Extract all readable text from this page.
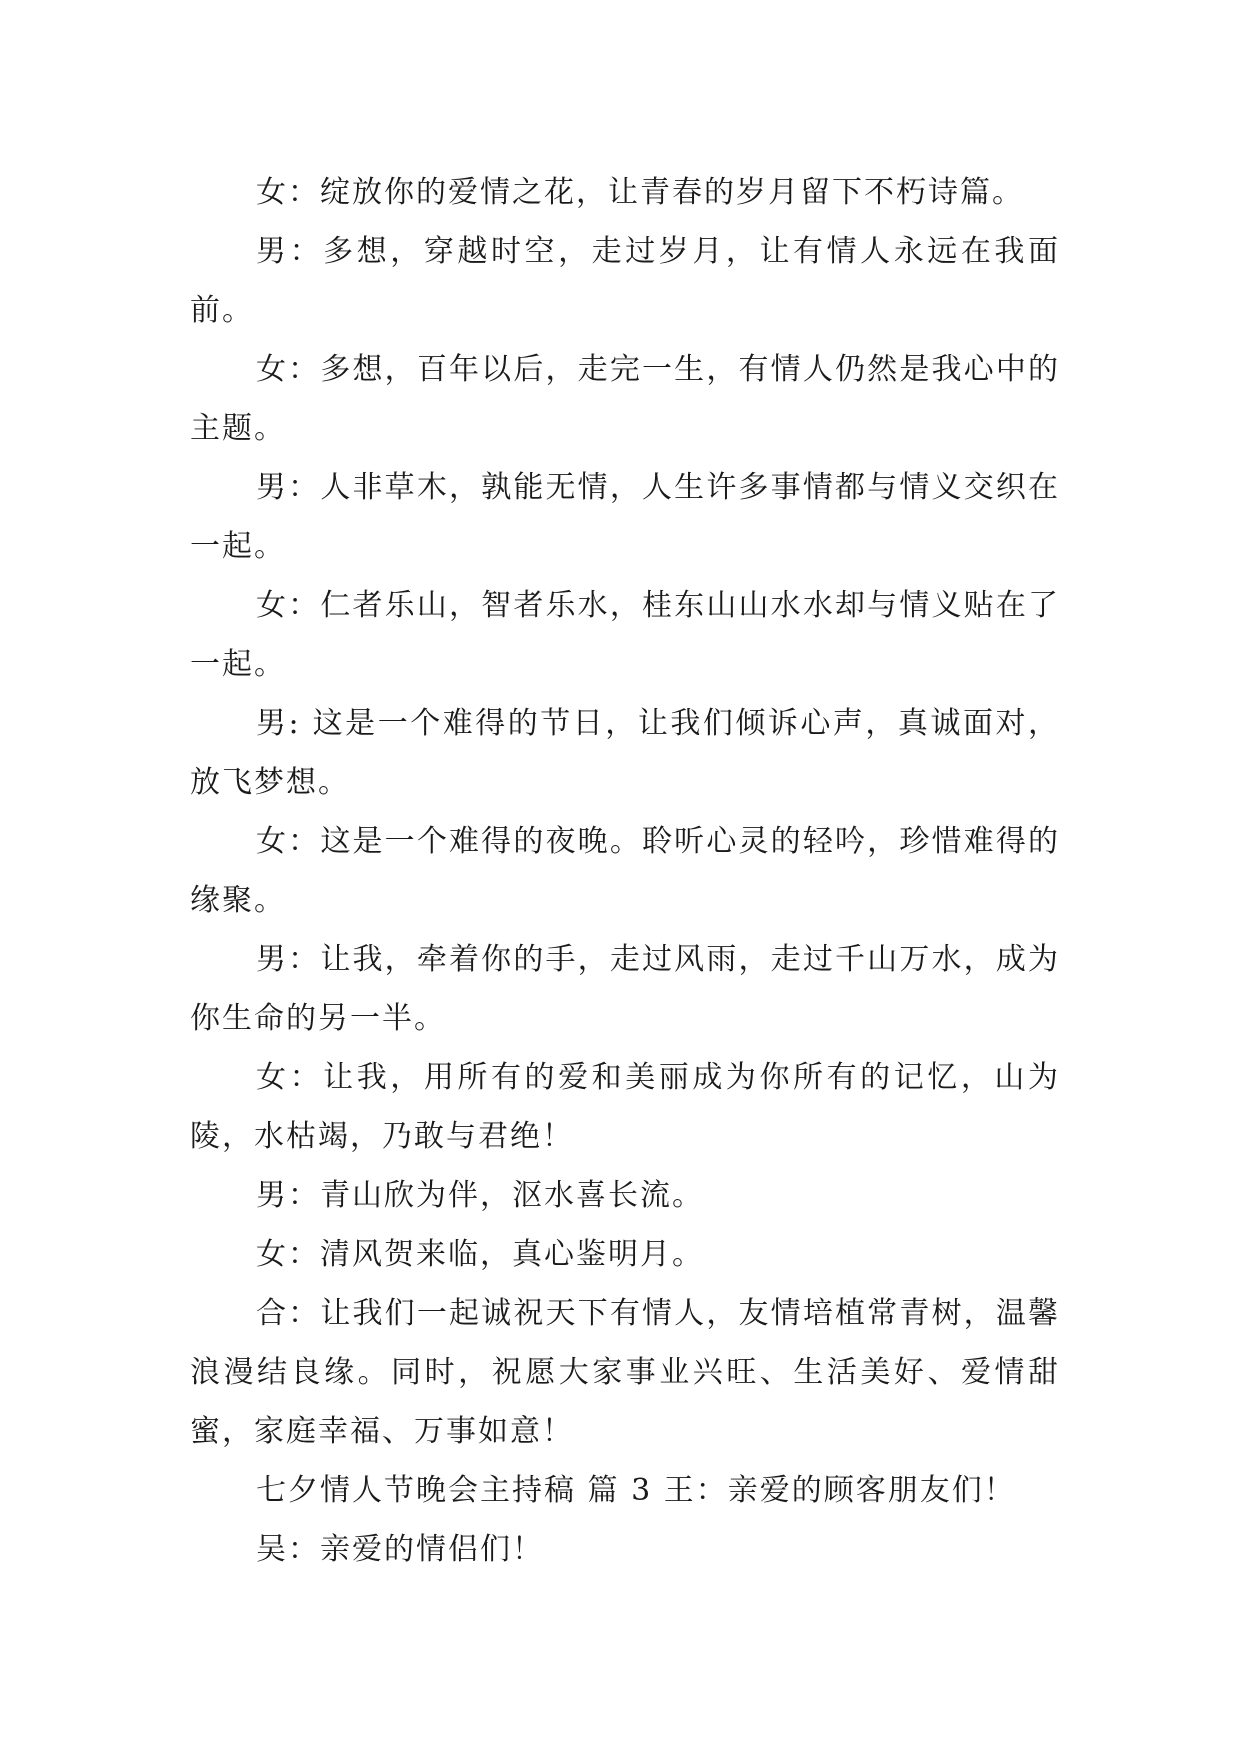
女：绽放你的爱情之花，让青春的岁月留下不朽诗篇。

男：多想，穿越时空，走过岁月，让有情人永远在我面前。

女：多想，百年以后，走完一生，有情人仍然是我心中的主题。

男：人非草木，孰能无情，人生许多事情都与情义交织在一起。

女：仁者乐山，智者乐水，桂东山山水水却与情义贴在了一起。

男: 这是一个难得的节日，让我们倾诉心声，真诚面对，放飞梦想。

女：这是一个难得的夜晚。聆听心灵的轻吟，珍惜难得的缘聚。

男：让我，牵着你的手，走过风雨，走过千山万水，成为你生命的另一半。

女：让我，用所有的爱和美丽成为你所有的记忆，山为陵，水枯竭，乃敢与君绝！

男：青山欣为伴，沤水喜长流。

女：清风贺来临，真心鉴明月。

合：让我们一起诚祝天下有情人，友情培植常青树，温馨浪漫结良缘。同时，祝愿大家事业兴旺、生活美好、爱情甜蜜，家庭幸福、万事如意！

七夕情人节晚会主持稿 篇 3 王：亲爱的顾客朋友们！

吴：亲爱的情侣们！
